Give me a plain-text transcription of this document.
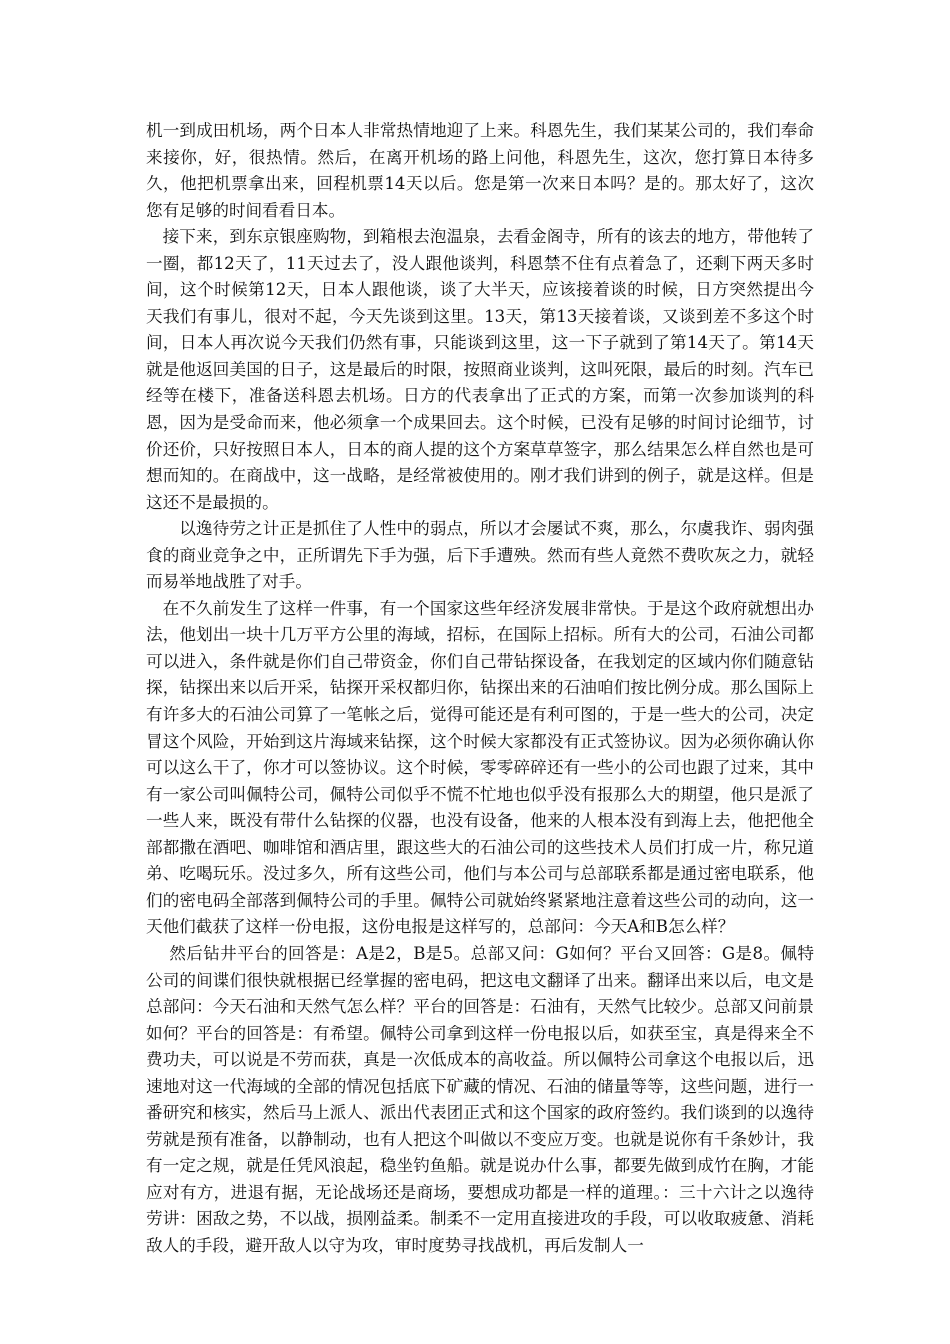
机一到成田机场，两个日本人非常热情地迎了上来。科恩先生，我们某某公司的，我们奉命来接你，好，很热情。然后，在离开机场的路上问他，科恩先生，这次，您打算日本待多久，他把机票拿出来，回程机票14天以后。您是第一次来日本吗？是的。那太好了，这次您有足够的时间看看日本。

接下来，到东京银座购物，到箱根去泡温泉，去看金阁寺，所有的该去的地方，带他转了一圈，都12天了，11天过去了，没人跟他谈判，科恩禁不住有点着急了，还剩下两天多时间，这个时候第12天，日本人跟他谈，谈了大半天，应该接着谈的时候，日方突然提出今天我们有事儿，很对不起，今天先谈到这里。13天，第13天接着谈，又谈到差不多这个时间，日本人再次说今天我们仍然有事，只能谈到这里，这一下子就到了第14天了。第14天就是他返回美国的日子，这是最后的时限，按照商业谈判，这叫死限，最后的时刻。汽车已经等在楼下，准备送科恩去机场。日方的代表拿出了正式的方案，而第一次参加谈判的科恩，因为是受命而来，他必须拿一个成果回去。这个时候，已没有足够的时间讨论细节，讨价还价，只好按照日本人，日本的商人提的这个方案草草签字，那么结果怎么样自然也是可想而知的。在商战中，这一战略，是经常被使用的。刚才我们讲到的例子，就是这样。但是这还不是最损的。

以逸待劳之计正是抓住了人性中的弱点，所以才会屡试不爽，那么，尔虞我诈、弱肉强食的商业竞争之中，正所谓先下手为强，后下手遭殃。然而有些人竟然不费吹灰之力，就轻而易举地战胜了对手。

在不久前发生了这样一件事，有一个国家这些年经济发展非常快。于是这个政府就想出办法，他划出一块十几万平方公里的海域，招标，在国际上招标。所有大的公司，石油公司都可以进入，条件就是你们自己带资金，你们自己带钻探设备，在我划定的区域内你们随意钻探，钻探出来以后开采，钻探开采权都归你，钻探出来的石油咱们按比例分成。那么国际上有许多大的石油公司算了一笔帐之后，觉得可能还是有利可图的，于是一些大的公司，决定冒这个风险，开始到这片海域来钻探，这个时候大家都没有正式签协议。因为必须你确认你可以这么干了，你才可以签协议。这个时候，零零碎碎还有一些小的公司也跟了过来，其中有一家公司叫佩特公司，佩特公司似乎不慌不忙地也似乎没有报那么大的期望，他只是派了一些人来，既没有带什么钻探的仪器，也没有设备，他来的人根本没有到海上去，他把他全部都撒在酒吧、咖啡馆和酒店里，跟这些大的石油公司的这些技术人员们打成一片，称兄道弟、吃喝玩乐。没过多久，所有这些公司，他们与本公司与总部联系都是通过密电联系，他们的密电码全部落到佩特公司的手里。佩特公司就始终紧紧地注意着这些公司的动向，这一天他们截获了这样一份电报，这份电报是这样写的，总部问：今天A和B怎么样？

然后钻井平台的回答是：A是2，B是5。总部又问：G如何？平台又回答：G是8。佩特公司的间谍们很快就根据已经掌握的密电码，把这电文翻译了出来。翻译出来以后，电文是总部问：今天石油和天然气怎么样？平台的回答是：石油有，天然气比较少。总部又问前景如何？平台的回答是：有希望。佩特公司拿到这样一份电报以后，如获至宝，真是得来全不费功夫，可以说是不劳而获，真是一次低成本的高收益。所以佩特公司拿这个电报以后，迅速地对这一代海域的全部的情况包括底下矿藏的情况、石油的储量等等，这些问题，进行一番研究和核实，然后马上派人、派出代表团正式和这个国家的政府签约。我们谈到的以逸待劳就是预有准备，以静制动，也有人把这个叫做以不变应万变。也就是说你有千条妙计，我有一定之规，就是任凭风浪起，稳坐钓鱼船。就是说办什么事，都要先做到成竹在胸，才能应对有方，进退有据，无论战场还是商场，要想成功都是一样的道理。：三十六计之以逸待劳讲：困敌之势，不以战，损刚益柔。制柔不一定用直接进攻的手段，可以收取疲惫、消耗敌人的手段，避开敌人以守为攻，审时度势寻找战机，再后发制人一
